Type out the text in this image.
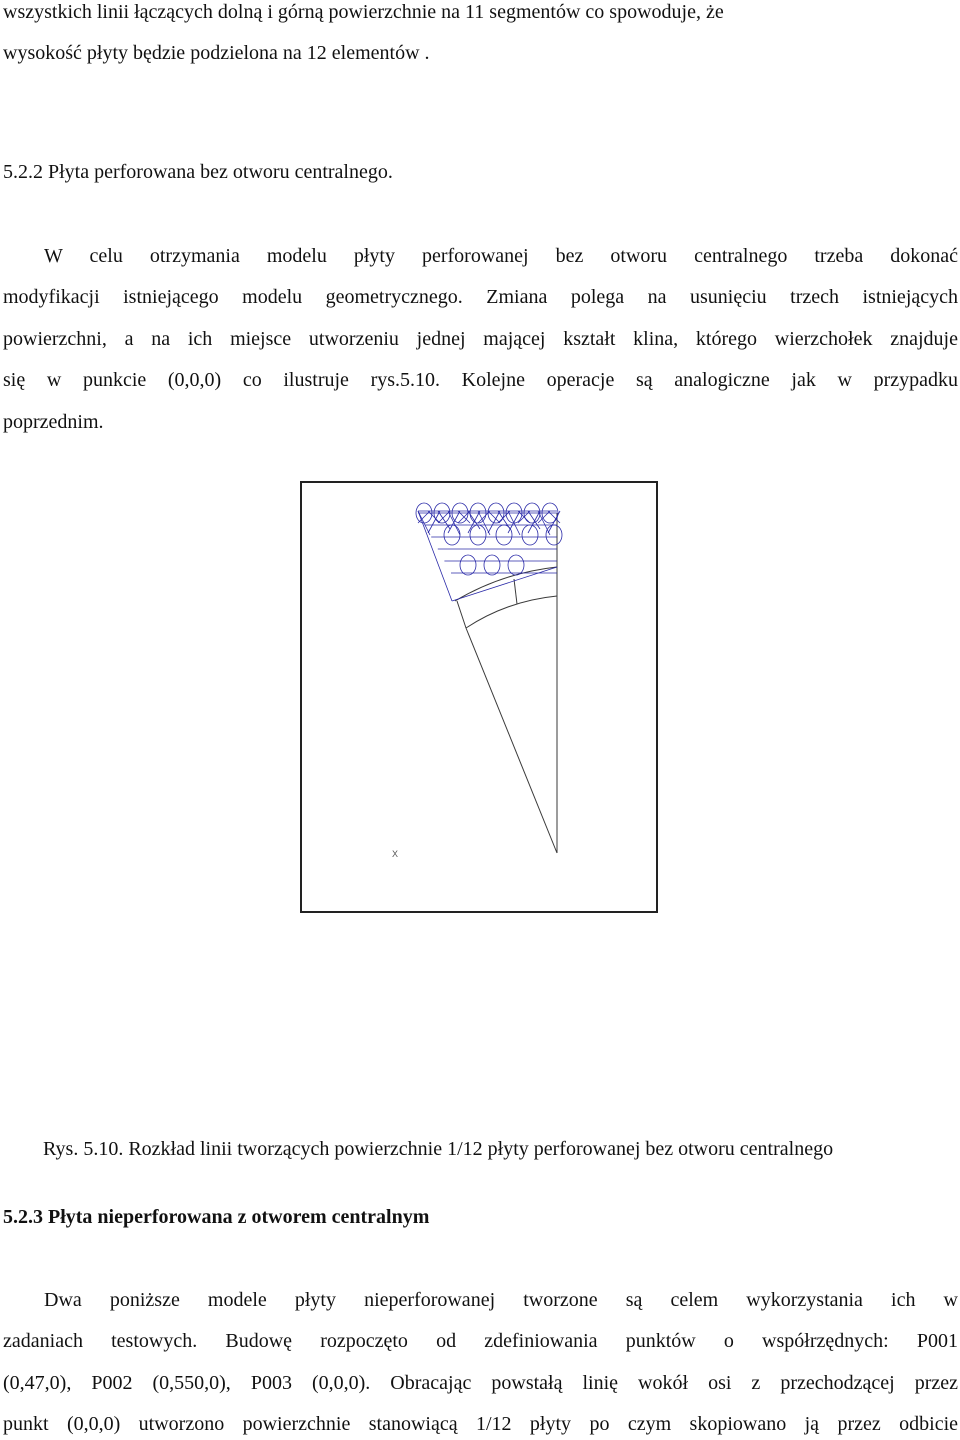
wszystkich linii łączących dolną i górną powierzchnie na 11 segmentów co spowoduje, że
wysokość płyty będzie podzielona na 12 elementów .
5.2.2 Płyta perforowana bez otworu centralnego.
W celu otrzymania modelu płyty perforowanej bez otworu centralnego trzeba dokonać
modyfikacji istniejącego modelu geometrycznego. Zmiana polega na usunięciu trzech istniejących
powierzchni, a na ich miejsce utworzeniu jednej mającej kształt klina, którego wierzchołek znajduje
się w punkcie (0,0,0) co ilustruje rys.5.10. Kolejne operacje są analogiczne jak w przypadku
poprzednim.
X
Rys. 5.10. Rozkład linii tworzących powierzchnie 1/12 płyty perforowanej bez otworu centralnego
5.2.3 Płyta nieperforowana z otworem centralnym
Dwa poniższe modele płyty nieperforowanej tworzone są celem wykorzystania ich w
zadaniach testowych. Budowę rozpoczęto od zdefiniowania punktów o współrzędnych: P001
(0,47,0), P002 (0,550,0), P003 (0,0,0). Obracając powstałą linię wokół osi z przechodzącej przez
punkt (0,0,0) utworzono powierzchnie stanowiącą 1/12 płyty po czym skopiowano ją przez odbicie
